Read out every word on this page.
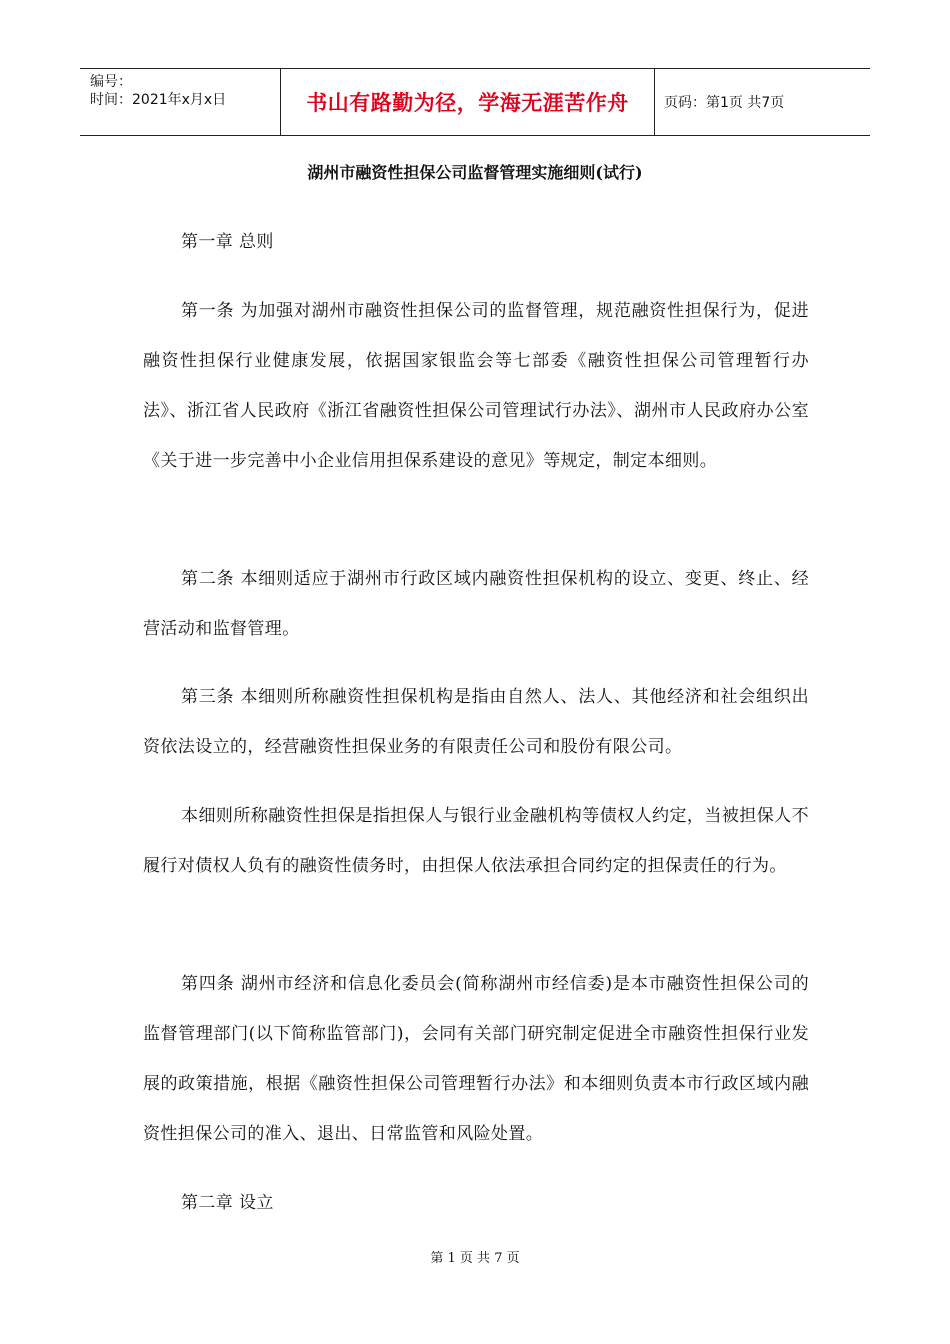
编号：
时间：2021年x月x日	书山有路勤为径，学海无涯苦作舟	页码：第1页 共7页
湖州市融资性担保公司监督管理实施细则(试行)

第一章 总则

第一条 为加强对湖州市融资性担保公司的监督管理，规范融资性担保行为，促进融资性担保行业健康发展，依据国家银监会等七部委《融资性担保公司管理暂行办法》、浙江省人民政府《浙江省融资性担保公司管理试行办法》、湖州市人民政府办公室《关于进一步完善中小企业信用担保系建设的意见》等规定，制定本细则。

第二条 本细则适应于湖州市行政区域内融资性担保机构的设立、变更、终止、经营活动和监督管理。

第三条 本细则所称融资性担保机构是指由自然人、法人、其他经济和社会组织出资依法设立的，经营融资性担保业务的有限责任公司和股份有限公司。

本细则所称融资性担保是指担保人与银行业金融机构等债权人约定，当被担保人不履行对债权人负有的融资性债务时，由担保人依法承担合同约定的担保责任的行为。

第四条 湖州市经济和信息化委员会(简称湖州市经信委)是本市融资性担保公司的监督管理部门(以下简称监管部门)，会同有关部门研究制定促进全市融资性担保行业发展的政策措施，根据《融资性担保公司管理暂行办法》和本细则负责本市行政区域内融资性担保公司的准入、退出、日常监管和风险处置。

第二章 设立

第 1 页 共 7 页
